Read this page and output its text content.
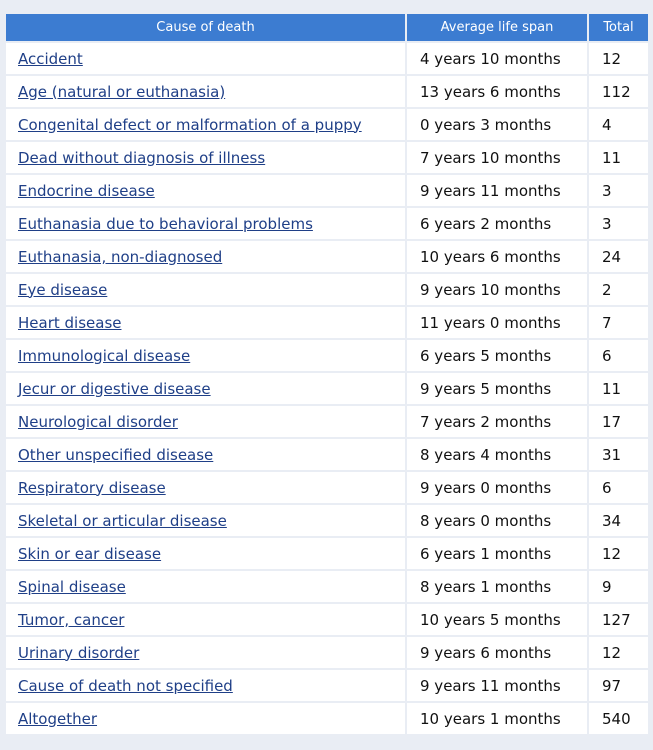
Cause of death	Average life span	Total
Accident	4 years 10 months	12
Age (natural or euthanasia)	13 years 6 months	112
Congenital defect or malformation of a puppy	0 years 3 months	4
Dead without diagnosis of illness	7 years 10 months	11
Endocrine disease	9 years 11 months	3
Euthanasia due to behavioral problems	6 years 2 months	3
Euthanasia, non-diagnosed	10 years 6 months	24
Eye disease	9 years 10 months	2
Heart disease	11 years 0 months	7
Immunological disease	6 years 5 months	6
Jecur or digestive disease	9 years 5 months	11
Neurological disorder	7 years 2 months	17
Other unspecified disease	8 years 4 months	31
Respiratory disease	9 years 0 months	6
Skeletal or articular disease	8 years 0 months	34
Skin or ear disease	6 years 1 months	12
Spinal disease	8 years 1 months	9
Tumor, cancer	10 years 5 months	127
Urinary disorder	9 years 6 months	12
Cause of death not specified	9 years 11 months	97
Altogether	10 years 1 months	540
